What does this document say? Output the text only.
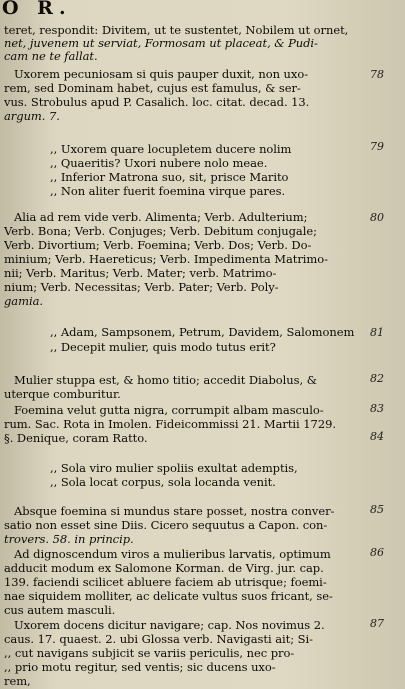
O R.
teret, respondit: Divitem, ut te sustentet, Nobilem ut ornet,
net, juvenem ut serviat, Formosam ut placeat, & Pudi-
cam ne te fallat.
Uxorem pecuniosam si quis pauper duxit, non uxo-
rem, sed Dominam habet, cujus est famulus, & ser-
vus. Strobulus apud P. Casalich. loc. citat. decad. 13.
argum. 7.
,, Uxorem quare locupletem ducere nolim
,, Quaeritis? Uxori nubere nolo meae.
,, Inferior Matrona suo, sit, prisce Marito
,, Non aliter fuerit foemina virque pares.
Alia ad rem vide verb. Alimenta; Verb. Adulterium;
Verb. Bona; Verb. Conjuges; Verb. Debitum conjugale;
Verb. Divortium; Verb. Foemina; Verb. Dos; Verb. Do-
minium; Verb. Haereticus; Verb. Impedimenta Matrimo-
nii; Verb. Maritus; Verb. Mater; verb. Matrimo-
nium; Verb. Necessitas; Verb. Pater; Verb. Poly-
gamia.
,, Adam, Sampsonem, Petrum, Davidem, Salomonem
,, Decepit mulier, quis modo tutus erit?
Mulier stuppa est, & homo titio; accedit Diabolus, &
uterque comburitur.
Foemina velut gutta nigra, corrumpit albam masculo-
rum. Sac. Rota in Imolen. Fideicommissi 21. Martii 1729.
§. Denique, coram Ratto.
,, Sola viro mulier spoliis exultat ademptis,
,, Sola locat corpus, sola locanda venit.
Absque foemina si mundus stare posset, nostra conver-
satio non esset sine Diis. Cicero sequutus a Capon. con-
trovers. 58. in princip.
Ad dignoscendum viros a mulieribus larvatis, optimum
adducit modum ex Salomone Korman. de Virg. jur. cap.
139. faciendi scilicet abluere faciem ab utrisque; foemi-
nae siquidem molliter, ac delicate vultus suos fricant, se-
cus autem masculi.
Uxorem docens dicitur navigare; cap. Nos novimus 2.
caus. 17. quaest. 2. ubi Glossa verb. Navigasti ait; Si-
,, cut navigans subjicit se variis periculis, nec pro-
,, prio motu regitur, sed ventis; sic ducens uxo-
rem,
78
79
80
81
82
83
84
85
86
87
